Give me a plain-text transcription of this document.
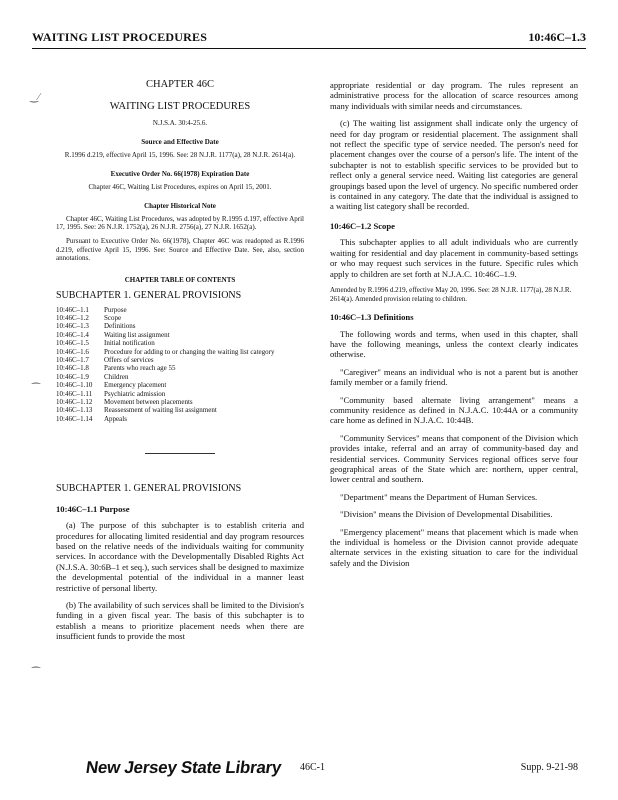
WAITING LIST PROCEDURES	10:46C–1.3
‿⁄
⁀
⁀
CHAPTER 46C
WAITING LIST PROCEDURES
N.J.S.A. 30:4-25.6.
Source and Effective Date
R.1996 d.219, effective April 15, 1996. See: 28 N.J.R. 1177(a), 28 N.J.R. 2614(a).
Executive Order No. 66(1978) Expiration Date
Chapter 46C, Waiting List Procedures, expires on April 15, 2001.
Chapter Historical Note
Chapter 46C, Waiting List Procedures, was adopted by R.1995 d.197, effective April 17, 1995. See: 26 N.J.R. 1752(a), 26 N.J.R. 2756(a), 27 N.J.R. 1652(a).
Pursuant to Executive Order No. 66(1978), Chapter 46C was readopted as R.1996 d.219, effective April 15, 1996. See: Source and Effective Date. See, also, section annotations.
CHAPTER TABLE OF CONTENTS
SUBCHAPTER 1. GENERAL PROVISIONS
10:46C–1.1	Purpose
10:46C–1.2	Scope
10:46C–1.3	Definitions
10:46C–1.4	Waiting list assignment
10:46C–1.5	Initial notification
10:46C–1.6	Procedure for adding to or changing the waiting list category
10:46C–1.7	Offers of services
10:46C–1.8	Parents who reach age 55
10:46C–1.9	Children
10:46C–1.10	Emergency placement
10:46C–1.11	Psychiatric admission
10:46C–1.12	Movement between placements
10:46C–1.13	Reassessment of waiting list assignment
10:46C–1.14	Appeals
SUBCHAPTER 1. GENERAL PROVISIONS
10:46C–1.1 Purpose

(a) The purpose of this subchapter is to establish criteria and procedures for allocating limited residential and day program resources based on the relative needs of the individuals waiting for community services. In accordance with the Developmentally Disabled Rights Act (N.J.S.A. 30:6B–1 et seq.), such services shall be designed to maximize the developmental potential of the individual in a manner least restrictive of personal liberty.

(b) The availability of such services shall be limited to the Division's funding in a given fiscal year. The basis of this subchapter is to establish a means to prioritize placement needs when there are insufficient funds to provide the most

appropriate residential or day program. The rules represent an administrative process for the allocation of scarce resources among many individuals with similar needs and circumstances.

(c) The waiting list assignment shall indicate only the urgency of need for day program or residential placement. The assignment shall not reflect the specific type of service needed. The person's need for placement changes over the course of a person's life. The intent of the subchapter is not to establish specific services to be provided but to reflect only a general service need. Waiting list categories are general groupings based upon the level of urgency. No specific numbered order is contained in any category. The date that the individual is assigned to a waiting list category shall be recorded.

10:46C–1.2 Scope

This subchapter applies to all adult individuals who are currently waiting for residential and day placement in community-based settings or who may request such services in the future. Specific rules which apply to children are set forth at N.J.A.C. 10:46C–1.9.

Amended by R.1996 d.219, effective May 20, 1996. See: 28 N.J.R. 1177(a), 28 N.J.R. 2614(a). Amended provision relating to children.
10:46C–1.3 Definitions

The following words and terms, when used in this chapter, shall have the following meanings, unless the context clearly indicates otherwise.

"Caregiver" means an individual who is not a parent but is another family member or a family friend.

"Community based alternate living arrangement" means a community residence as defined in N.J.A.C. 10:44A or a community care home as defined in N.J.A.C. 10:44B.

"Community Services" means that component of the Division which provides intake, referral and an array of community-based day and residential services. Community Services regional offices serve four geographical areas of the State which are: northern, upper central, lower central and southern.

"Department" means the Department of Human Services.

"Division" means the Division of Developmental Disabilities.

"Emergency placement" means that placement which is made when the individual is homeless or the Division cannot provide adequate alternate services in the existing situation to care for the individual safely and the Division

New Jersey State Library 46C-1	Supp. 9-21-98
